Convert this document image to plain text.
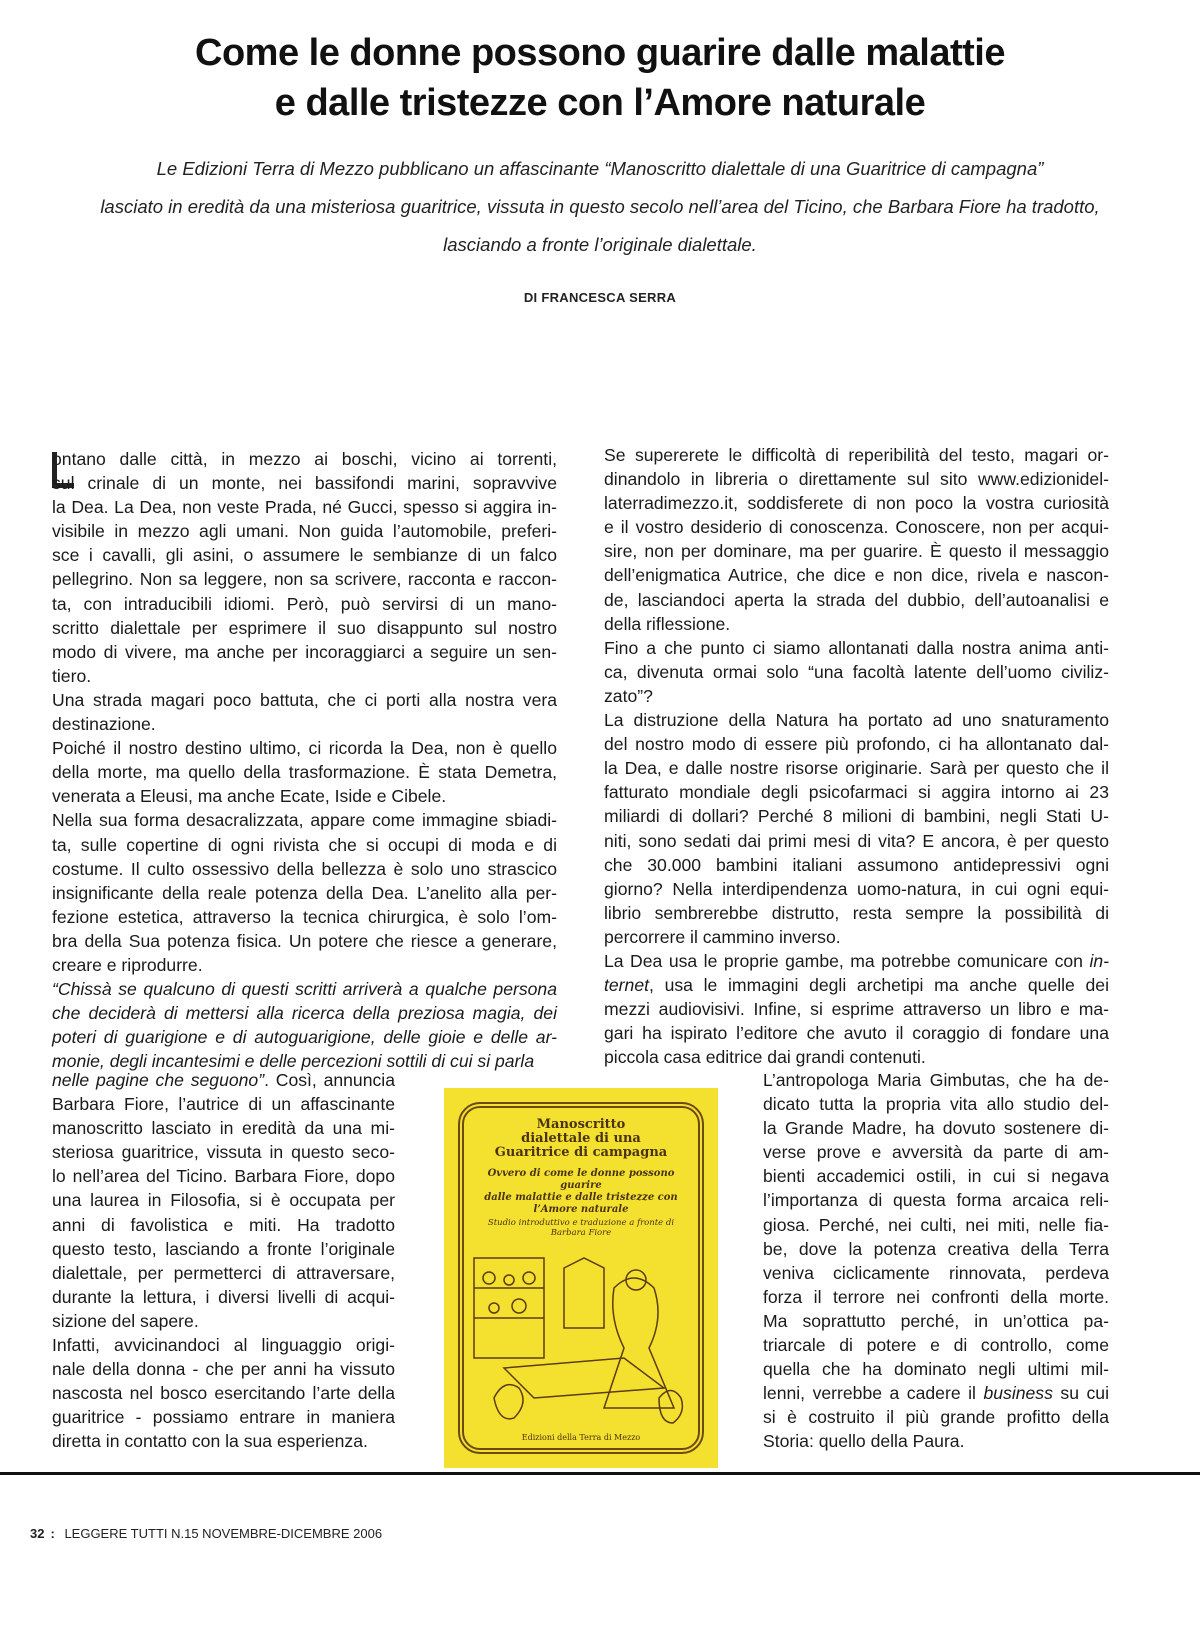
Come le donne possono guarire dalle malattie
e dalle tristezze con l’Amore naturale
Le Edizioni Terra di Mezzo pubblicano un affascinante “Manoscritto dialettale di una Guaritrice di campagna”
lasciato in eredità da una misteriosa guaritrice, vissuta in questo secolo nell’area del Ticino, che Barbara Fiore ha tradotto,
lasciando a fronte l’originale dialettale.
DI FRANCESCA SERRA
ontano dalle città, in mezzo ai boschi, vicino ai torrenti,
sul crinale di un monte, nei bassifondi marini, sopravvive
la Dea. La Dea, non veste Prada, né Gucci, spesso si aggira in-
visibile in mezzo agli umani. Non guida l’automobile, preferi-
sce i cavalli, gli asini, o assumere le sembianze di un falco
pellegrino. Non sa leggere, non sa scrivere, racconta e raccon-
ta, con intraducibili idiomi. Però, può servirsi di un mano-
scritto dialettale per esprimere il suo disappunto sul nostro
modo di vivere, ma anche per incoraggiarci a seguire un sen-
tiero.
Una strada magari poco battuta, che ci porti alla nostra vera
destinazione.
Poiché il nostro destino ultimo, ci ricorda la Dea, non è quello
della morte, ma quello della trasformazione. È stata Demetra,
venerata a Eleusi, ma anche Ecate, Iside e Cibele.
Nella sua forma desacralizzata, appare come immagine sbiadi-
ta, sulle copertine di ogni rivista che si occupi di moda e di
costume. Il culto ossessivo della bellezza è solo uno strascico
insignificante della reale potenza della Dea. L’anelito alla per-
fezione estetica, attraverso la tecnica chirurgica, è solo l’om-
bra della Sua potenza fisica. Un potere che riesce a generare,
creare e riprodurre.
“Chissà se qualcuno di questi scritti arriverà a qualche persona
che deciderà di mettersi alla ricerca della preziosa magia, dei
poteri di guarigione e di autoguarigione, delle gioie e delle ar-
monie, degli incantesimi e delle percezioni sottili di cui si parla
nelle pagine che seguono”. Così, annuncia
Barbara Fiore, l’autrice di un affascinante
manoscritto lasciato in eredità da una mi-
steriosa guaritrice, vissuta in questo seco-
lo nell’area del Ticino. Barbara Fiore, dopo
una laurea in Filosofia, si è occupata per
anni di favolistica e miti. Ha tradotto
questo testo, lasciando a fronte l’originale
dialettale, per permetterci di attraversare,
durante la lettura, i diversi livelli di acqui-
sizione del sapere.
Infatti, avvicinandoci al linguaggio origi-
nale della donna - che per anni ha vissuto
nascosta nel bosco esercitando l’arte della
guaritrice - possiamo entrare in maniera
diretta in contatto con la sua esperienza.
Se supererete le difficoltà di reperibilità del testo, magari or-
dinandolo in libreria o direttamente sul sito www.edizionidel-
laterradimezzo.it, soddisferete di non poco la vostra curiosità
e il vostro desiderio di conoscenza. Conoscere, non per acqui-
sire, non per dominare, ma per guarire. È questo il messaggio
dell’enigmatica Autrice, che dice e non dice, rivela e nascon-
de, lasciandoci aperta la strada del dubbio, dell’autoanalisi e
della riflessione.
Fino a che punto ci siamo allontanati dalla nostra anima anti-
ca, divenuta ormai solo “una facoltà latente dell’uomo civiliz-
zato”?
La distruzione della Natura ha portato ad uno snaturamento
del nostro modo di essere più profondo, ci ha allontanato dal-
la Dea, e dalle nostre risorse originarie. Sarà per questo che il
fatturato mondiale degli psicofarmaci si aggira intorno ai 23
miliardi di dollari? Perché 8 milioni di bambini, negli Stati U-
niti, sono sedati dai primi mesi di vita? E ancora, è per questo
che 30.000 bambini italiani assumono antidepressivi ogni
giorno? Nella interdipendenza uomo-natura, in cui ogni equi-
librio sembrerebbe distrutto, resta sempre la possibilità di
percorrere il cammino inverso.
La Dea usa le proprie gambe, ma potrebbe comunicare con in-
ternet, usa le immagini degli archetipi ma anche quelle dei
mezzi audiovisivi. Infine, si esprime attraverso un libro e ma-
gari ha ispirato l’editore che avuto il coraggio di fondare una
piccola casa editrice dai grandi contenuti.
L’antropologa Maria Gimbutas, che ha de-
dicato tutta la propria vita allo studio del-
la Grande Madre, ha dovuto sostenere di-
verse prove e avversità da parte di am-
bienti accademici ostili, in cui si negava
l’importanza di questa forma arcaica reli-
giosa. Perché, nei culti, nei miti, nelle fia-
be, dove la potenza creativa della Terra
veniva ciclicamente rinnovata, perdeva
forza il terrore nei confronti della morte.
Ma soprattutto perché, in un’ottica pa-
triarcale di potere e di controllo, come
quella che ha dominato negli ultimi mil-
lenni, verrebbe a cadere il business su cui
si è costruito il più grande profitto della
Storia: quello della Paura.
Manoscritto
dialettale di una
Guaritrice di campagna
Ovvero di come le donne possono guarire
dalle malattie e dalle tristezze con
l’Amore naturale
Studio introduttivo e traduzione a fronte di
Barbara Fiore
Edizioni della Terra di Mezzo
32 : LEGGERE TUTTI N.15 NOVEMBRE-DICEMBRE 2006
